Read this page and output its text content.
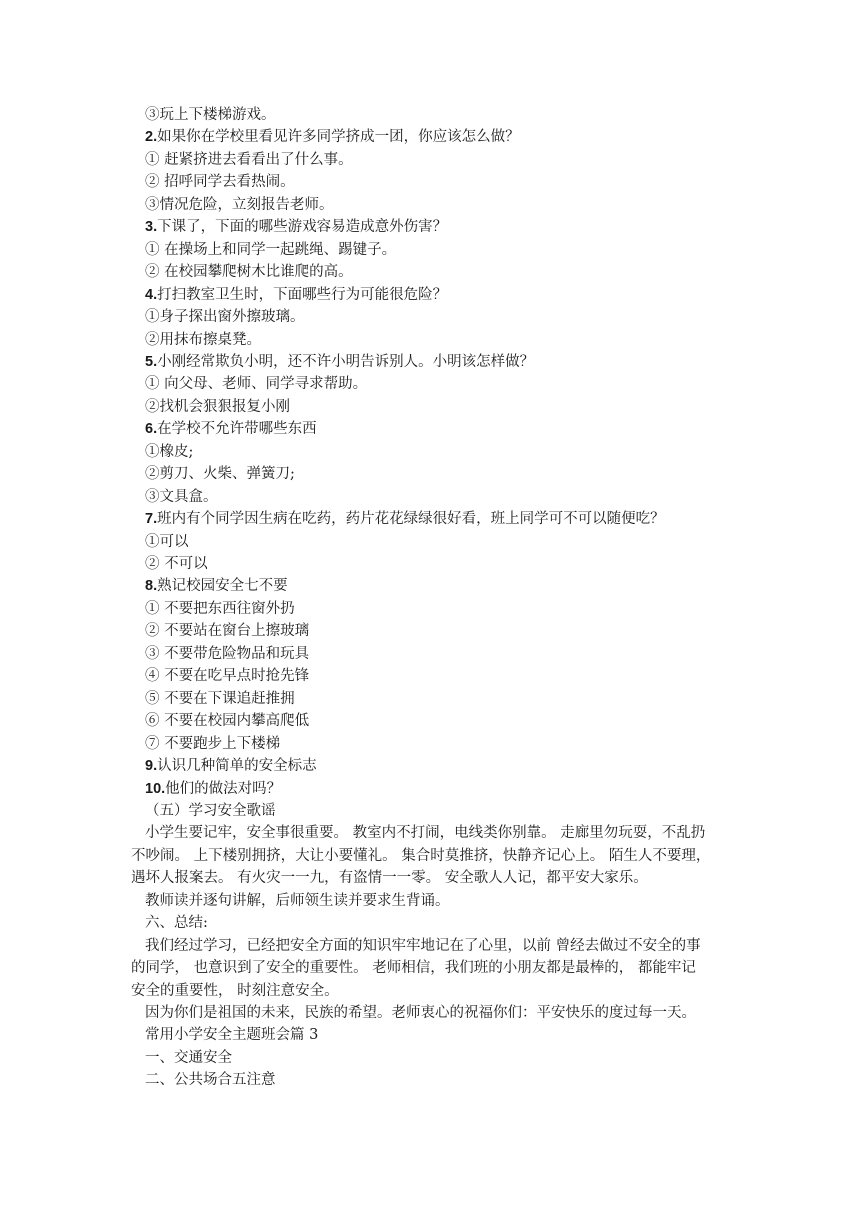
③玩上下楼梯游戏。
2.如果你在学校里看见许多同学挤成一团，你应该怎么做？
① 赶紧挤进去看看出了什么事。
② 招呼同学去看热闹。
③情况危险，立刻报告老师。
3.下课了，下面的哪些游戏容易造成意外伤害？
① 在操场上和同学一起跳绳、踢键子。
② 在校园攀爬树木比谁爬的高。
4.打扫教室卫生时，下面哪些行为可能很危险？
①身子探出窗外擦玻璃。
②用抹布擦桌凳。
5.小刚经常欺负小明，还不许小明告诉别人。小明该怎样做？
① 向父母、老师、同学寻求帮助。
②找机会狠狠报复小刚
6.在学校不允许带哪些东西
①橡皮;
②剪刀、火柴、弹簧刀;
③文具盒。
7.班内有个同学因生病在吃药，药片花花绿绿很好看，班上同学可不可以随便吃？
①可以
② 不可以
8.熟记校园安全七不要
① 不要把东西往窗外扔
② 不要站在窗台上擦玻璃
③ 不要带危险物品和玩具
④ 不要在吃早点时抢先锋
⑤ 不要在下课追赶推拥
⑥ 不要在校园内攀高爬低
⑦ 不要跑步上下楼梯
9.认识几种简单的安全标志
10.他们的做法对吗？
（五）学习安全歌谣
小学生要记牢，安全事很重要。 教室内不打闹，电线类你别靠。 走廊里勿玩耍，不乱扔
不吵闹。 上下楼别拥挤，大让小要懂礼。 集合时莫推挤，快静齐记心上。 陌生人不要理，
遇坏人报案去。 有火灾一一九，有盗情一一零。 安全歌人人记，都平安大家乐。
教师读并逐句讲解，后师领生读并要求生背诵。
六、总结:
我们经过学习，已经把安全方面的知识牢牢地记在了心里，以前 曾经去做过不安全的事
的同学， 也意识到了安全的重要性。 老师相信，我们班的小朋友都是最棒的， 都能牢记
安全的重要性， 时刻注意安全。
因为你们是祖国的未来，民族的希望。老师衷心的祝福你们：平安快乐的度过每一天。
常用小学安全主题班会篇 3
一、交通安全
二、公共场合五注意
